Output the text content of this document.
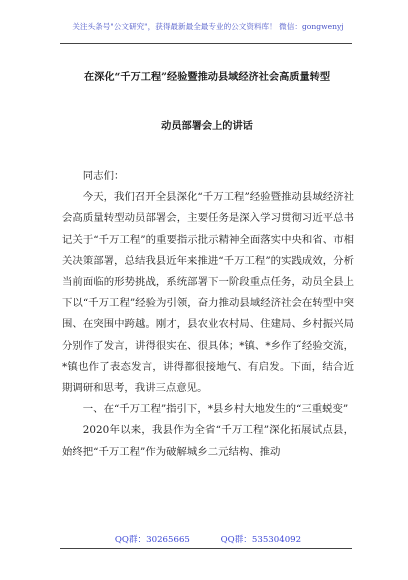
关注头条号"公文研究"，获得最新最全最专业的公文资料库！ 微信：gongwenyj
在深化“千万工程”经验暨推动县域经济社会高质量转型
动员部署会上的讲话

同志们：

今天，我们召开全县深化“千万工程”经验暨推动县域经济社会高质量转型动员部署会，主要任务是深入学习贯彻习近平总书记关于“千万工程”的重要指示批示精神全面落实中央和省、市相关决策部署，总结我县近年来推进“千万工程”的实践成效，分析当前面临的形势挑战，系统部署下一阶段重点任务，动员全县上下以“千万工程”经验为引领，奋力推动县域经济社会在转型中突围、在突围中跨越。刚才，县农业农村局、住建局、乡村振兴局分别作了发言，讲得很实在、很具体；*镇、*乡作了经验交流，*镇也作了表态发言，讲得都很接地气、有启发。下面，结合近期调研和思考，我讲三点意见。

一、在“千万工程”指引下，*县乡村大地发生的“三重蜕变”

2020年以来，我县作为全省“千万工程”深化拓展试点县，始终把“千万工程”作为破解城乡二元结构、推动

QQ群：30265665	QQ群：535304092
